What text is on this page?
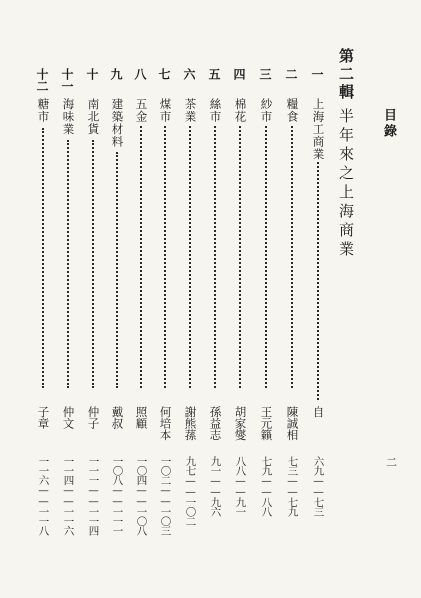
目錄
第二輯
半年來之上海商業
二
一
上海工商業
自
六九——七三
二
糧食
陳誠相
七三——七九
三
紗市
王元籟
七九——八八
四
棉花
胡家燮
八八——九一
五
絲市
孫益志
九一——九六
六
茶業
謝熊蓀
九七——一〇二
七
煤市
何培本
一〇二——一〇三
八
五金
照顧
一〇四——一〇八
九
建築材料
戴叔
一〇八——一一一
十
南北貨
仲子
一一一——一一四
十一
海味業
仲文
一一四——一一六
十二
糖市
子章
一一六——一一八
